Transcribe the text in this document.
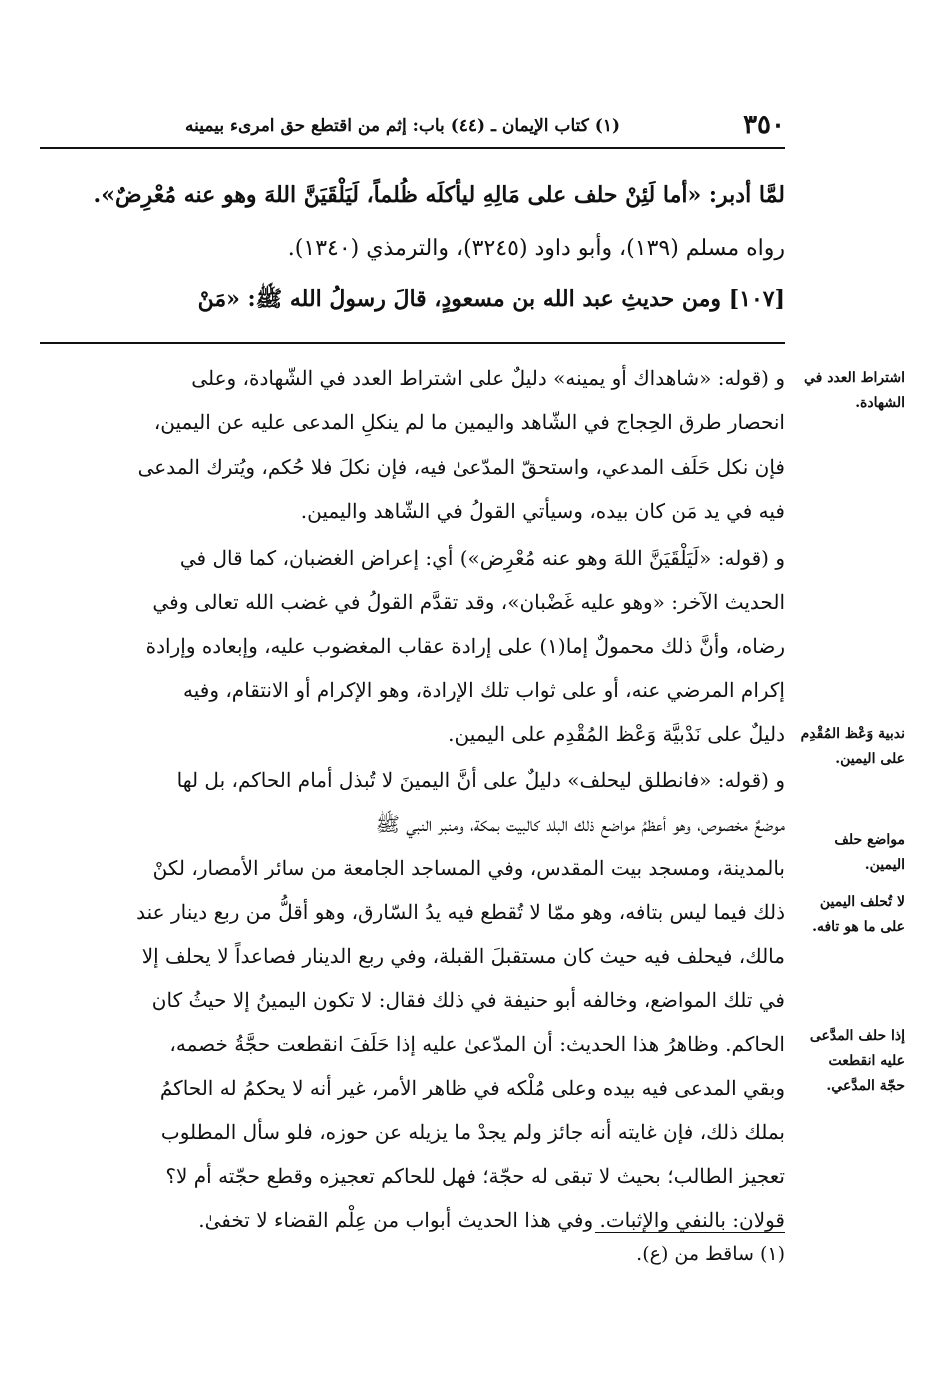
٣٥٠
(١) كتاب الإيمان ـ (٤٤) باب: إثم من اقتطع حق امرىء بيمينه
لمَّا أدبر: «أما لَئِنْ حلف على مَالِهِ ليأكلَه ظُلماً، لَيَلْقَيَنَّ اللهَ وهو عنه مُعْرِضٌ».
رواه مسلم (١٣٩)، وأبو داود (٣٢٤٥)، والترمذي (١٣٤٠).
[١٠٧] ومن حديثِ عبد الله بن مسعودٍ، قالَ رسولُ الله ﷺ: «مَنْ
و (قوله: «شاهداك أو يمينه» دليلٌ على اشتراط العدد في الشّهادة، وعلى
انحصار طرق الحِجاج في الشّاهد واليمين ما لم ينكلِ المدعى عليه عن اليمين،
فإن نكل حَلَف المدعي، واستحقّ المدّعىٰ فيه، فإن نكلَ فلا حُكم، ويُترك المدعى
فيه في يد مَن كان بيده، وسيأتي القولُ في الشّاهد واليمين.
و (قوله: «لَيَلْقَيَنَّ اللهَ وهو عنه مُعْرِض») أي: إعراض الغضبان، كما قال في
الحديث الآخر: «وهو عليه غَضْبان»، وقد تقدَّم القولُ في غضب الله تعالى وفي
رضاه، وأنَّ ذلك محمولٌ إما(١) على إرادة عقاب المغضوب عليه، وإبعاده وإرادة
إكرام المرضي عنه، أو على ثواب تلك الإرادة، وهو الإكرام أو الانتقام، وفيه
دليلٌ على نَدْبيَّة وَعْظ المُقْدِم على اليمين.
و (قوله: «فانطلق ليحلف» دليلٌ على أنَّ اليمينَ لا تُبذل أمام الحاكم، بل لها
موضعٌ مخصوص، وهو أعظمُ مواضع ذلك البلد كالبيت بمكة، ومنبر النبي ﷺ
بالمدينة، ومسجد بيت المقدس، وفي المساجد الجامعة من سائر الأمصار، لكنْ
ذلك فيما ليس بتافه، وهو ممّا لا تُقطع فيه يدُ السّارق، وهو أقلُّ من ربع دينار عند
مالك، فيحلف فيه حيث كان مستقبلَ القبلة، وفي ربع الدينار فصاعداً لا يحلف إلا
في تلك المواضع، وخالفه أبو حنيفة في ذلك فقال: لا تكون اليمينُ إلا حيثُ كان
الحاكم. وظاهرُ هذا الحديث: أن المدّعىٰ عليه إذا حَلَفَ انقطعت حجَّةُ خصمه،
وبقي المدعى فيه بيده وعلى مُلْكه في ظاهر الأمر، غير أنه لا يحكمُ له الحاكمُ
بملك ذلك، فإن غايته أنه جائز ولم يجدْ ما يزيله عن حوزه، فلو سأل المطلوب
تعجيز الطالب؛ بحيث لا تبقى له حجّة؛ فهل للحاكم تعجيزه وقطع حجّته أم لا؟
قولان: بالنفي والإثبات. وفي هذا الحديث أبواب من عِلْم القضاء لا تخفىٰ.
اشتراط العدد في الشهادة.
ندبية وَعْظ المُقْدِم على اليمين.
مواضع حلف اليمين.
لا تُحلف اليمين على ما هو تافه.
إذا حلف المدَّعى عليه انقطعت حجّة المدَّعي.
(١) ساقط من (ع).
